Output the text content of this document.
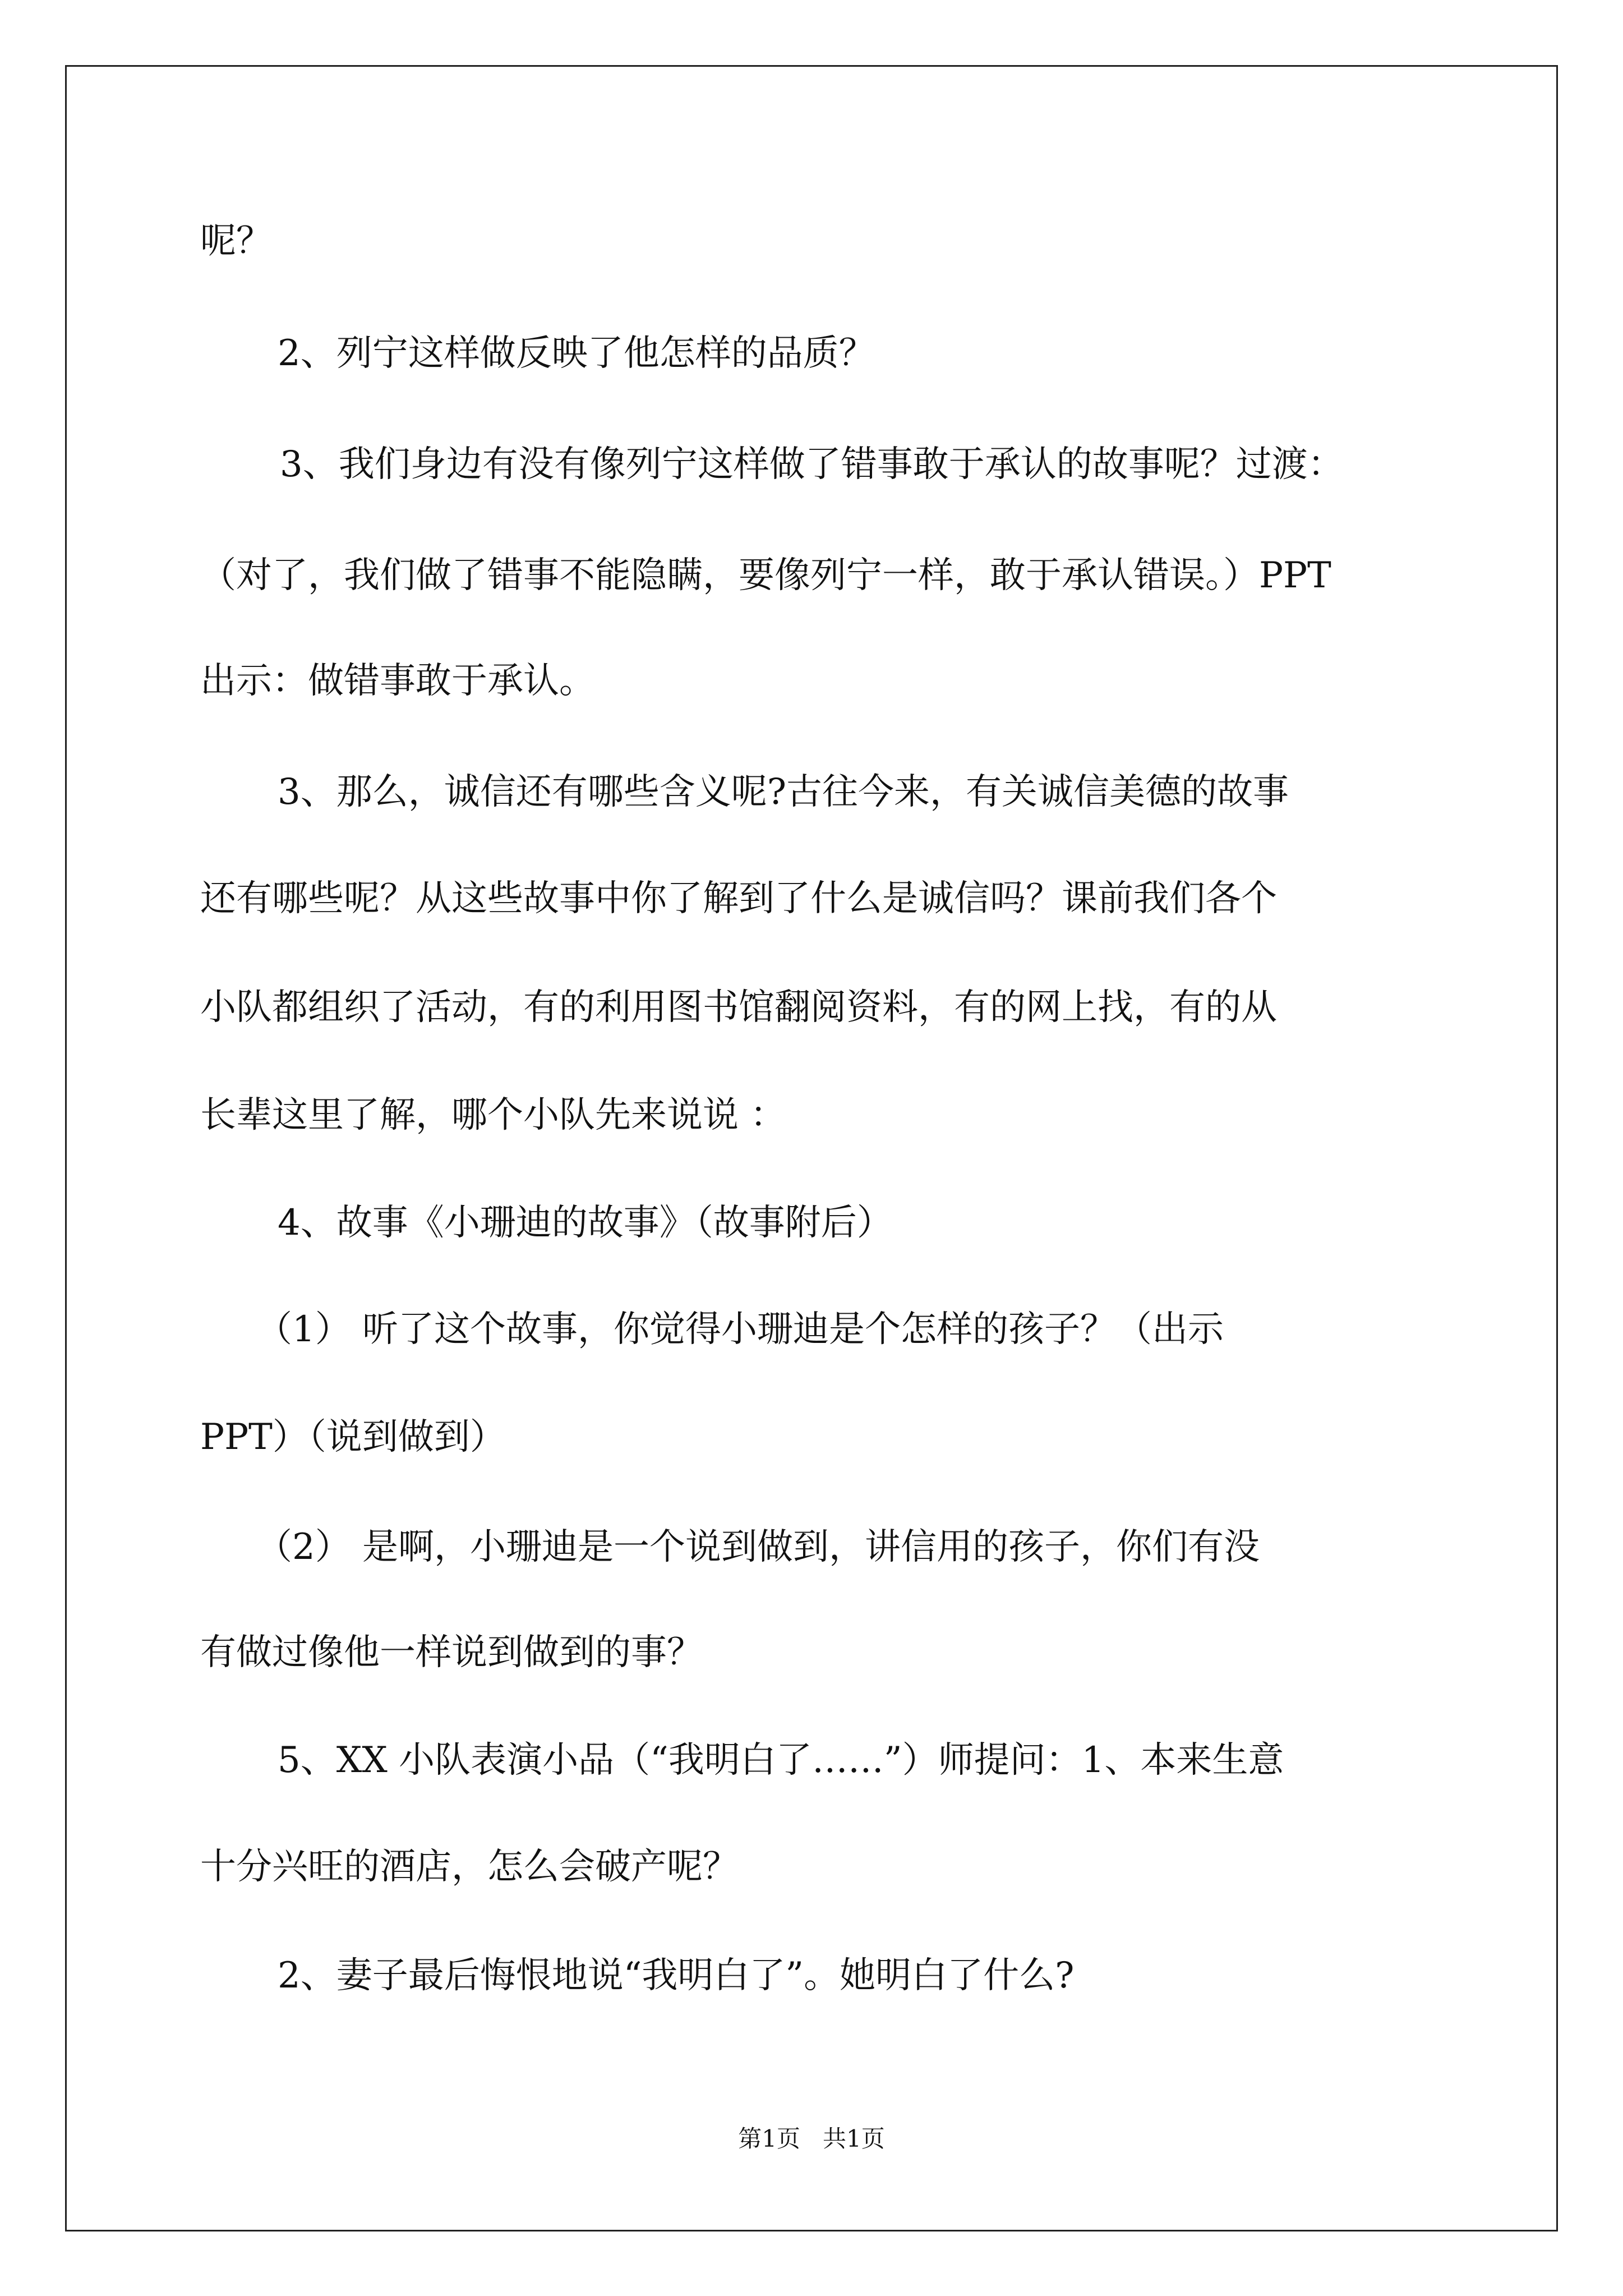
呢？
2、列宁这样做反映了他怎样的品质？
3、我们身边有没有像列宁这样做了错事敢于承认的故事呢？过渡：
（对了，我们做了错事不能隐瞒，要像列宁一样，敢于承认错误。）PPT
出示：做错事敢于承认。
3、那么，诚信还有哪些含义呢?古往今来，有关诚信美德的故事
还有哪些呢？从这些故事中你了解到了什么是诚信吗？课前我们各个
小队都组织了活动，有的利用图书馆翻阅资料，有的网上找，有的从
长辈这里了解，哪个小队先来说说 ：
4、故事《小珊迪的故事》（故事附后）
（1） 听了这个故事，你觉得小珊迪是个怎样的孩子？（出示
PPT）（说到做到）
（2） 是啊，小珊迪是一个说到做到，讲信用的孩子，你们有没
有做过像他一样说到做到的事？
5、XX 小队表演小品（“我明白了……”）师提问：1、本来生意
十分兴旺的酒店，怎么会破产呢？
2、妻子最后悔恨地说“我明白了”。她明白了什么?
第1页 共1页
